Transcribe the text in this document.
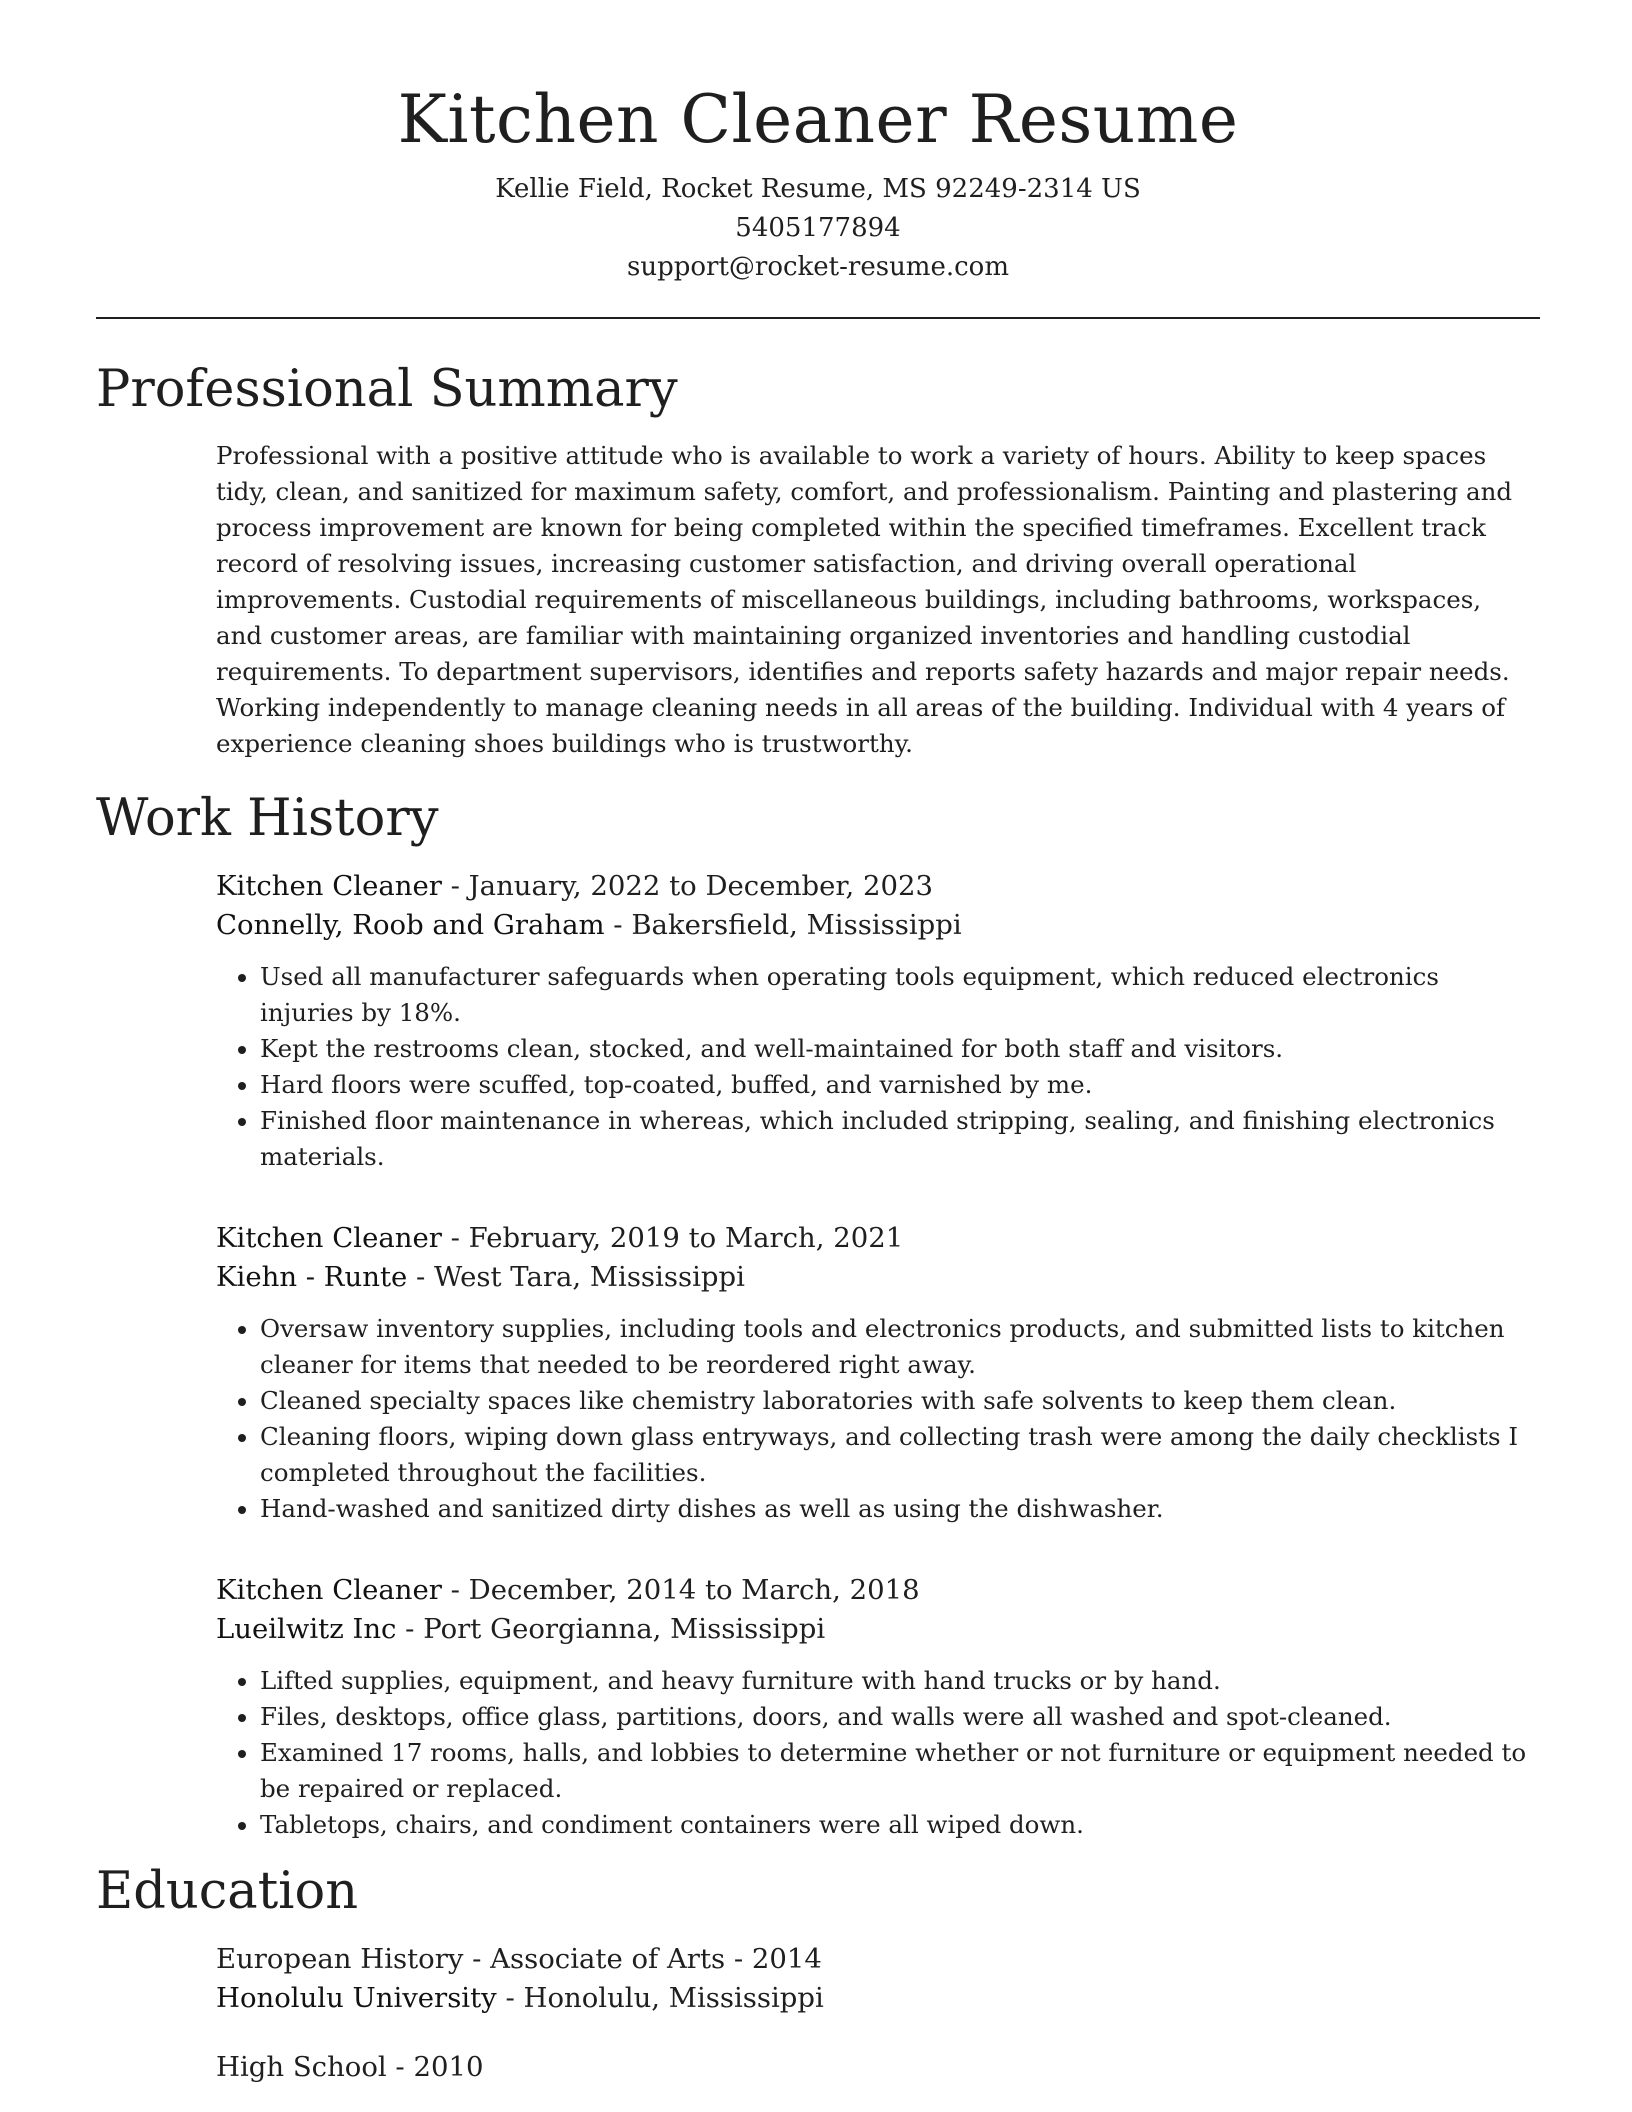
Kitchen Cleaner Resume
Kellie Field, Rocket Resume, MS 92249-2314 US
5405177894
support@rocket-resume.com
Professional Summary
Professional with a positive attitude who is available to work a variety of hours. Ability to keep spaces tidy, clean, and sanitized for maximum safety, comfort, and professionalism. Painting and plastering and process improvement are known for being completed within the specified timeframes. Excellent track record of resolving issues, increasing customer satisfaction, and driving overall operational improvements. Custodial requirements of miscellaneous buildings, including bathrooms, workspaces, and customer areas, are familiar with maintaining organized inventories and handling custodial requirements. To department supervisors, identifies and reports safety hazards and major repair needs. Working independently to manage cleaning needs in all areas of the building. Individual with 4 years of experience cleaning shoes buildings who is trustworthy.
Work History
Kitchen Cleaner - January, 2022 to December, 2023
Connelly, Roob and Graham - Bakersfield, Mississippi
• Used all manufacturer safeguards when operating tools equipment, which reduced electronics injuries by 18%.
• Kept the restrooms clean, stocked, and well-maintained for both staff and visitors.
• Hard floors were scuffed, top-coated, buffed, and varnished by me.
• Finished floor maintenance in whereas, which included stripping, sealing, and finishing electronics materials.
Kitchen Cleaner - February, 2019 to March, 2021
Kiehn - Runte - West Tara, Mississippi
• Oversaw inventory supplies, including tools and electronics products, and submitted lists to kitchen cleaner for items that needed to be reordered right away.
• Cleaned specialty spaces like chemistry laboratories with safe solvents to keep them clean.
• Cleaning floors, wiping down glass entryways, and collecting trash were among the daily checklists I completed throughout the facilities.
• Hand-washed and sanitized dirty dishes as well as using the dishwasher.
Kitchen Cleaner - December, 2014 to March, 2018
Lueilwitz Inc - Port Georgianna, Mississippi
• Lifted supplies, equipment, and heavy furniture with hand trucks or by hand.
• Files, desktops, office glass, partitions, doors, and walls were all washed and spot-cleaned.
• Examined 17 rooms, halls, and lobbies to determine whether or not furniture or equipment needed to be repaired or replaced.
• Tabletops, chairs, and condiment containers were all wiped down.
Education
European History - Associate of Arts - 2014
Honolulu University - Honolulu, Mississippi
High School - 2010
